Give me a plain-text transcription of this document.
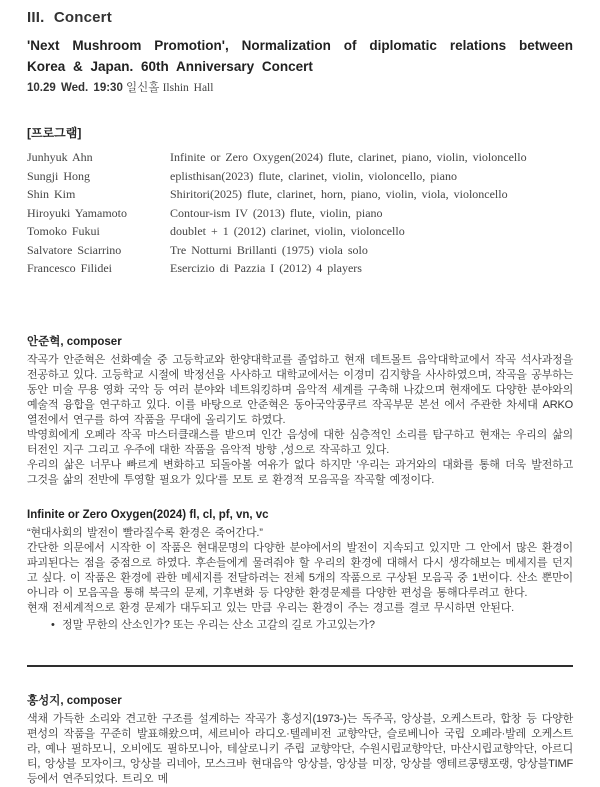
III. Concert
'Next Mushroom Promotion', Normalization of diplomatic relations between Korea & Japan. 60th Anniversary Concert
10.29 Wed. 19:30 일신홀 Ilshin Hall
[프로그램]
Junhyuk Ahn	Infinite or Zero Oxygen(2024) flute, clarinet, piano, violin, violoncello
Sungji Hong	eplisthisan(2023) flute, clarinet, violin, violoncello, piano
Shin Kim	Shiritori(2025) flute, clarinet, horn, piano, violin, viola, violoncello
Hiroyuki Yamamoto	Contour-ism IV (2013) flute, violin, piano
Tomoko Fukui	doublet + 1 (2012) clarinet, violin, violoncello
Salvatore Sciarrino	Tre Notturni Brillanti (1975) viola solo
Francesco Filidei	Esercizio di Pazzia I (2012) 4 players
안준혁, composer

작곡가 안준혁은 선화예술 중 고등학교와 한양대학교를 졸업하고 현재 데트몰트 음악대학교에서 작곡 석사과정을 전공하고 있다. 고등학교 시절에 박정선을 사사하고 대학교에서는 이경미 김지향을 사사하였으며, 작곡을 공부하는 동안 미술 무용 영화 국악 등 여러 분야와 네트워킹하며 음악적 세계를 구축해 나갔으며 현재에도 다양한 분야와의 예술적 융합을 연구하고 있다. 이를 바탕으로 안준혁은 동아국악콩쿠르 작곡부문 본선 에서 주관한 차세대 ARKO 열전에서 연구를 하여 작품을 무대에 올리기도 하였다.

박영희에게 오페라 작곡 마스터클래스를 받으며 인간 음성에 대한 심층적인 소리를 탐구하고 현재는 우리의 삶의 터전인 지구 그리고 우주에 대한 작품을 음악적 방향 ,성으로 작곡하고 있다.

우리의 삶은 너무나 빠르게 변화하고 되돌아볼 여유가 없다 하지만 '우리는 과거와의 대화를 통해 더욱 발전하고 그것을 삶의 전반에 투영할 필요가 있다'를 모토 로 환경적 모음곡을 작곡할 예정이다.

Infinite or Zero Oxygen(2024) fl, cl, pf, vn, vc

“현대사회의 발전이 빨라질수록 환경은 죽어간다.”

간단한 의문에서 시작한 이 작품은 현대문명의 다양한 분야에서의 발전이 지속되고 있지만 그 안에서 많은 환경이 파괴된다는 점을 중점으로 하였다. 후손들에게 물려줘야 할 우리의 환경에 대해서 다시 생각해보는 메세지를 던지고 싶다. 이 작품은 환경에 관한 메세지를 전달하려는 전체 5개의 작품으로 구상된 모음곡 중 1번이다. 산소 뿐만이 아니라 이 모음곡을 통해 북극의 문제, 기후변화 등 다양한 환경문제를 다양한 편성을 통해다루려고 한다.

현재 전세계적으로 환경 문제가 대두되고 있는 만큼 우리는 환경이 주는 경고를 결코 무시하면 안된다.

• 정말 무한의 산소인가? 또는 우리는 산소 고갈의 길로 가고있는가?
홍성지, composer

색채 가득한 소리와 견고한 구조를 설계하는 작곡가 홍성지(1973-)는 독주곡, 앙상블, 오케스트라, 합창 등 다양한 편성의 작품을 꾸준히 발표해왔으며, 세르비아 라디오·텔레비전 교향악단, 슬로베니아 국립 오페라·발레 오케스트라, 예나 필하모니, 오비에도 필하모니아, 테살로니키 주립 교향악단, 수원시립교향악단, 마산시립교향악단, 아르디티, 앙상블 모자이크, 앙상블 리네아, 모스크바 현대음악 앙상블, 앙상블 미장, 앙상블 앵테르콩탱포랭, 앙상블TIMF 등에서 연주되었다. 트리오 메
